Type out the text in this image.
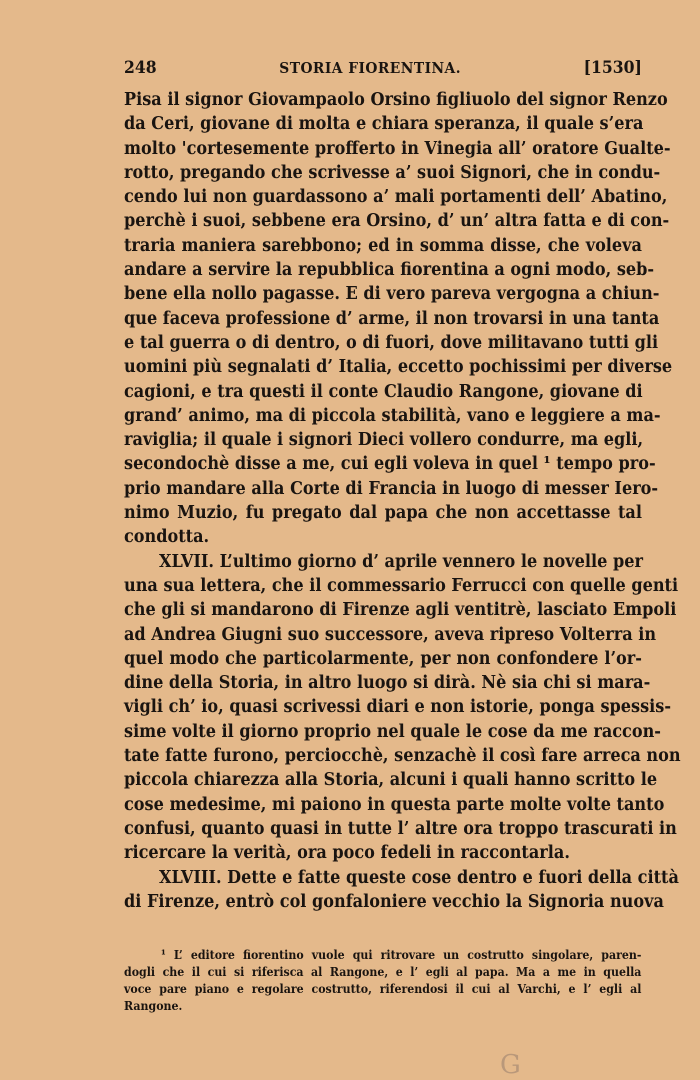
248	STORIA FIORENTINA.	[1530]
Pisa il signor Giovampaolo Orsino figliuolo del signor Renzo
da Ceri, giovane di molta e chiara speranza, il quale s’era
molto 'cortesemente profferto in Vinegia all’ oratore Gualte-
rotto, pregando che scrivesse a’ suoi Signori, che in condu-
cendo lui non guardassono a’ mali portamenti dell’ Abatino,
perchè i suoi, sebbene era Orsino, d’ un’ altra fatta e di con-
traria maniera sarebbono; ed in somma disse, che voleva
andare a servire la repubblica fiorentina a ogni modo, seb-
bene ella nollo pagasse. E di vero pareva vergogna a chiun-
que faceva professione d’ arme, il non trovarsi in una tanta
e tal guerra o di dentro, o di fuori, dove militavano tutti gli
uomini più segnalati d’ Italia, eccetto pochissimi per diverse
cagioni, e tra questi il conte Claudio Rangone, giovane di
grand’ animo, ma di piccola stabilità, vano e leggiere a ma-
raviglia; il quale i signori Dieci vollero condurre, ma egli,
secondochè disse a me, cui egli voleva in quel ¹ tempo pro-
prio mandare alla Corte di Francia in luogo di messer Iero-
nimo Muzio, fu pregato dal papa che non accettasse tal
condotta.
XLVII. L’ultimo giorno d’ aprile vennero le novelle per
una sua lettera, che il commessario Ferrucci con quelle genti
che gli si mandarono di Firenze agli ventitrè, lasciato Empoli
ad Andrea Giugni suo successore, aveva ripreso Volterra in
quel modo che particolarmente, per non confondere l’or-
dine della Storia, in altro luogo si dirà. Nè sia chi si mara-
vigli ch’ io, quasi scrivessi diari e non istorie, ponga spessis-
sime volte il giorno proprio nel quale le cose da me raccon-
tate fatte furono, perciocchè, senzachè il così fare arreca non
piccola chiarezza alla Storia, alcuni i quali hanno scritto le
cose medesime, mi paiono in questa parte molte volte tanto
confusi, quanto quasi in tutte l’ altre ora troppo trascurati in
ricercare la verità, ora poco fedeli in raccontarla.
XLVIII. Dette e fatte queste cose dentro e fuori della città
di Firenze, entrò col gonfaloniere vecchio la Signoria nuova
¹ L’ editore fiorentino vuole qui ritrovare un costrutto singolare, paren-
dogli che il cui si riferisca al Rangone, e l’ egli al papa. Ma a me in quella
voce pare piano e regolare costrutto, riferendosi il cui al Varchi, e l’ egli al
Rangone.
G
